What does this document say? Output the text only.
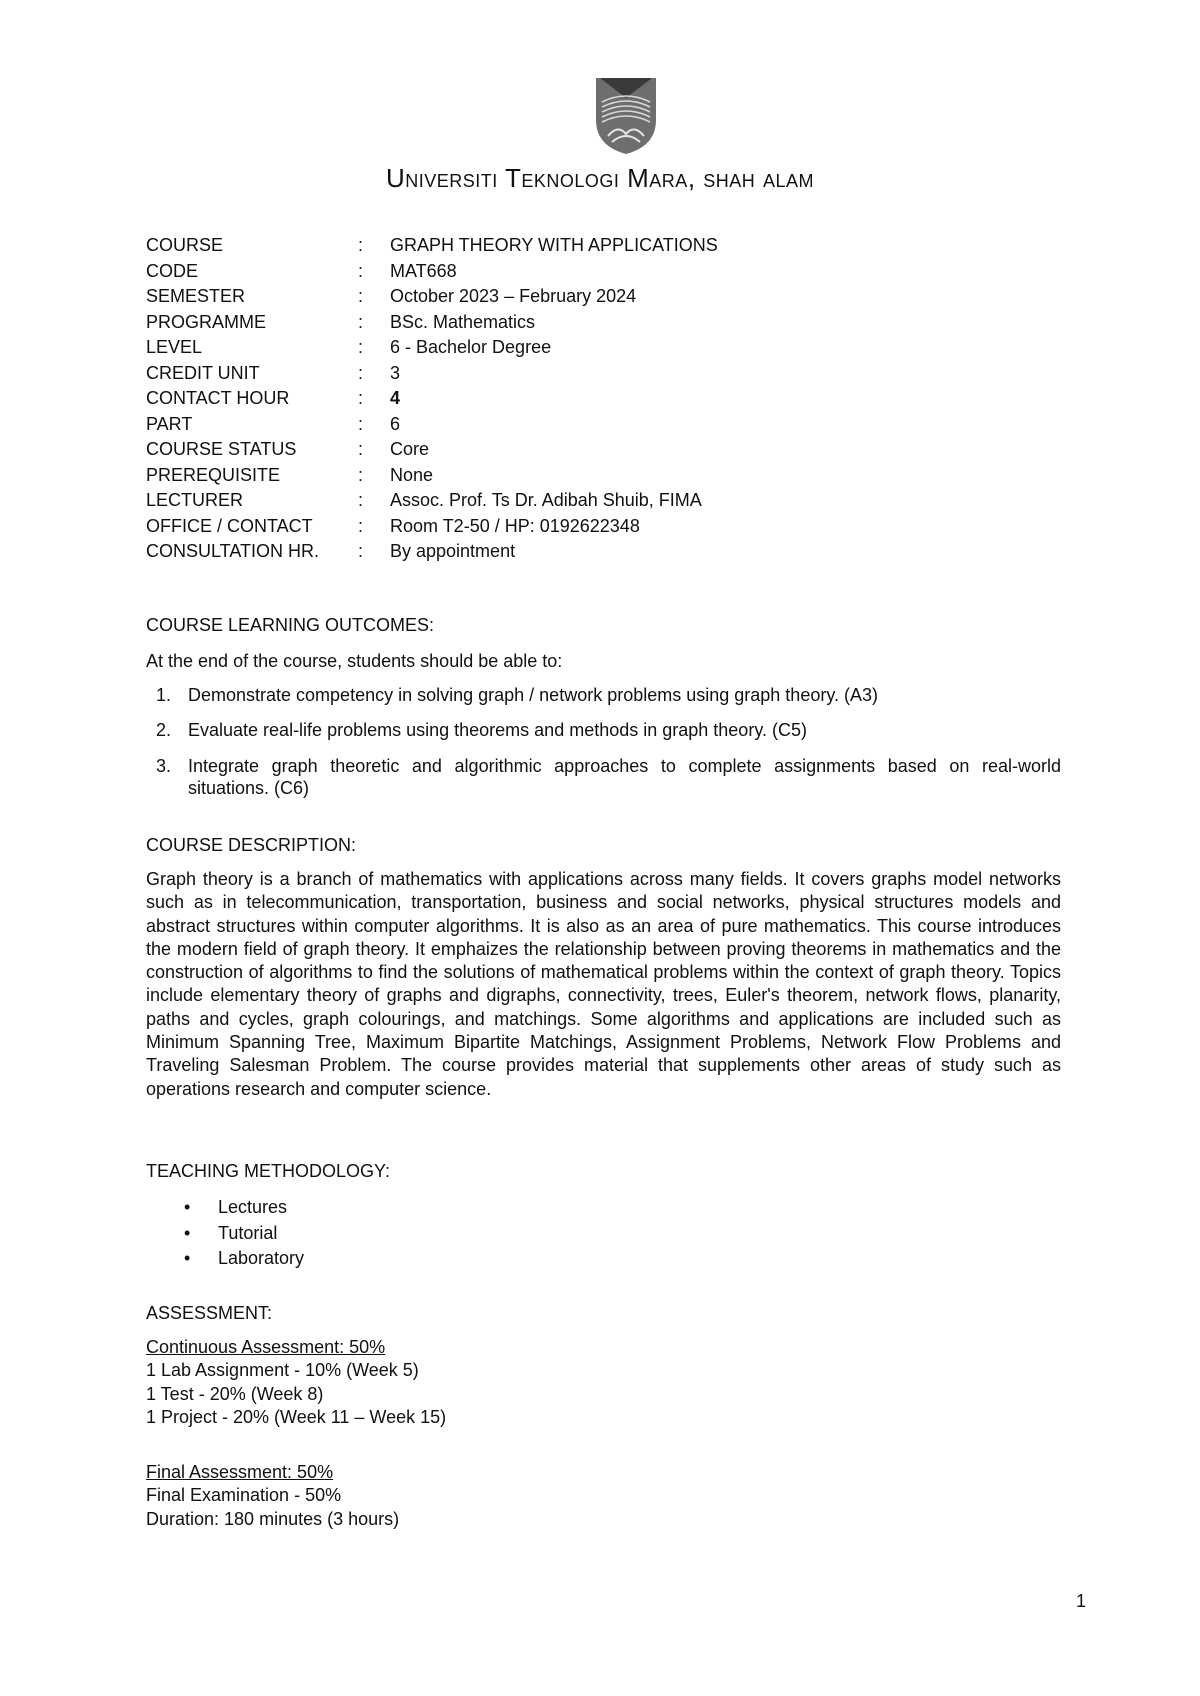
Universiti Teknologi Mara, shah alam
COURSE	:	GRAPH THEORY WITH APPLICATIONS
CODE	:	MAT668
SEMESTER	:	October 2023 – February 2024
PROGRAMME	:	BSc. Mathematics
LEVEL	:	6 - Bachelor Degree
CREDIT UNIT	:	3
CONTACT HOUR	:	4
PART	:	6
COURSE STATUS	:	Core
PREREQUISITE	:	None
LECTURER	:	Assoc. Prof. Ts Dr. Adibah Shuib, FIMA
OFFICE / CONTACT	:	Room T2-50 / HP: 0192622348
CONSULTATION HR.	:	By appointment
COURSE LEARNING OUTCOMES:
At the end of the course, students should be able to:
1. Demonstrate competency in solving graph / network problems using graph theory. (A3)
2. Evaluate real-life problems using theorems and methods in graph theory. (C5)
3. Integrate graph theoretic and algorithmic approaches to complete assignments based on real-world situations. (C6)
COURSE DESCRIPTION:
Graph theory is a branch of mathematics with applications across many fields. It covers graphs model networks such as in telecommunication, transportation, business and social networks, physical structures models and abstract structures within computer algorithms. It is also as an area of pure mathematics. This course introduces the modern field of graph theory. It emphaizes the relationship between proving theorems in mathematics and the construction of algorithms to find the solutions of mathematical problems within the context of graph theory. Topics include elementary theory of graphs and digraphs, connectivity, trees, Euler's theorem, network flows, planarity, paths and cycles, graph colourings, and matchings. Some algorithms and applications are included such as Minimum Spanning Tree, Maximum Bipartite Matchings, Assignment Problems, Network Flow Problems and Traveling Salesman Problem. The course provides material that supplements other areas of study such as operations research and computer science.
TEACHING METHODOLOGY:
• Lectures
• Tutorial
• Laboratory
ASSESSMENT:
Continuous Assessment: 50%
1 Lab Assignment - 10% (Week 5)
1 Test - 20% (Week 8)
1 Project - 20% (Week 11 – Week 15)
Final Assessment: 50%
Final Examination - 50%
Duration: 180 minutes (3 hours)
1
